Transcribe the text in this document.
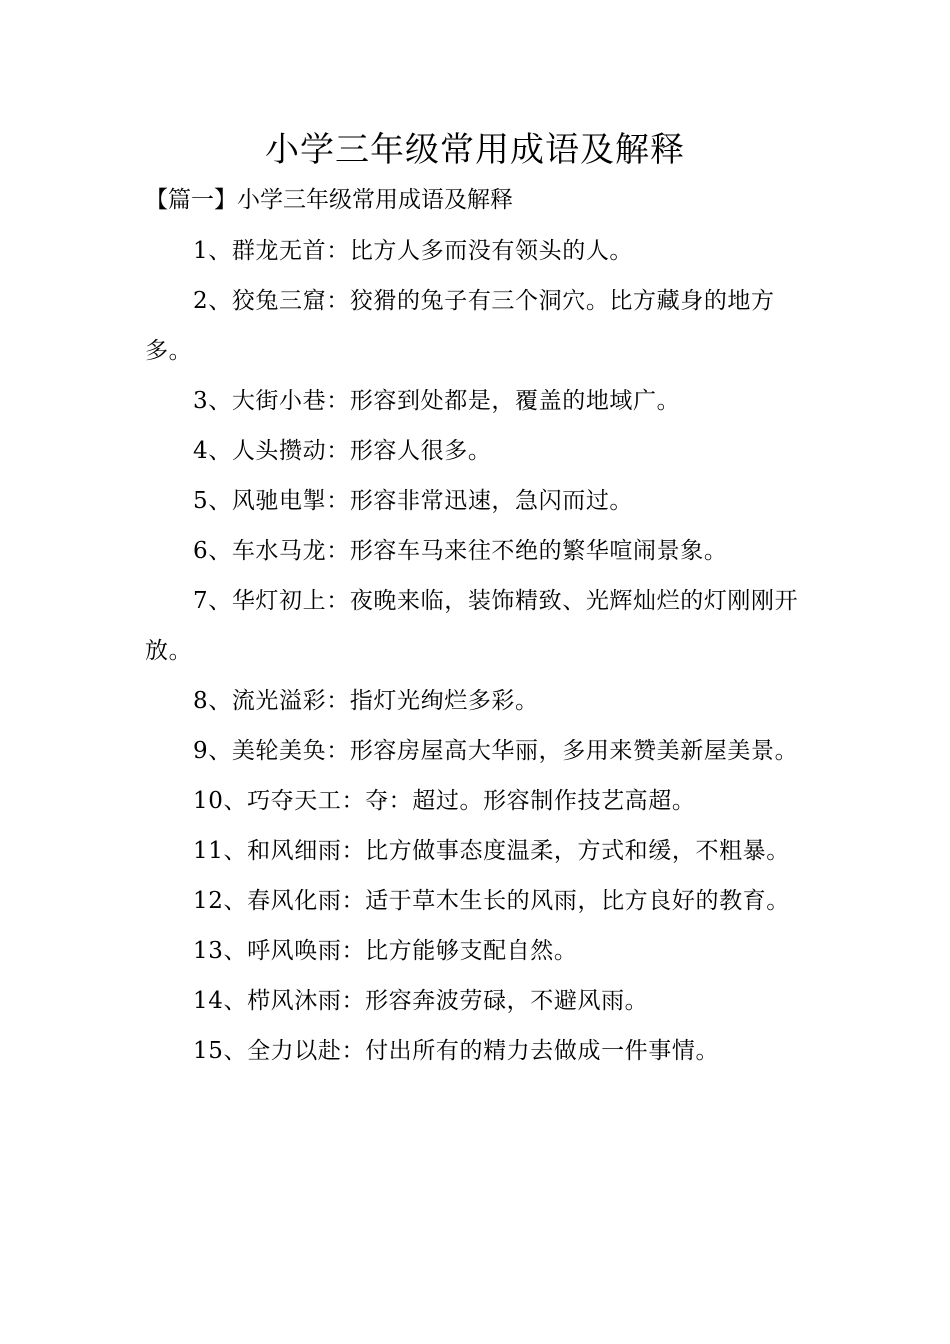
小学三年级常用成语及解释

【篇一】小学三年级常用成语及解释

1、群龙无首：比方人多而没有领头的人。

2、狡兔三窟：狡猾的兔子有三个洞穴。比方藏身的地方多。

3、大街小巷：形容到处都是，覆盖的地域广。

4、人头攒动：形容人很多。

5、风驰电掣：形容非常迅速，急闪而过。

6、车水马龙：形容车马来往不绝的繁华喧闹景象。

7、华灯初上：夜晚来临，装饰精致、光辉灿烂的灯刚刚开放。

8、流光溢彩：指灯光绚烂多彩。

9、美轮美奂：形容房屋高大华丽，多用来赞美新屋美景。

10、巧夺天工：夺：超过。形容制作技艺高超。

11、和风细雨：比方做事态度温柔，方式和缓，不粗暴。

12、春风化雨：适于草木生长的风雨，比方良好的教育。

13、呼风唤雨：比方能够支配自然。

14、栉风沐雨：形容奔波劳碌，不避风雨。

15、全力以赴：付出所有的精力去做成一件事情。
